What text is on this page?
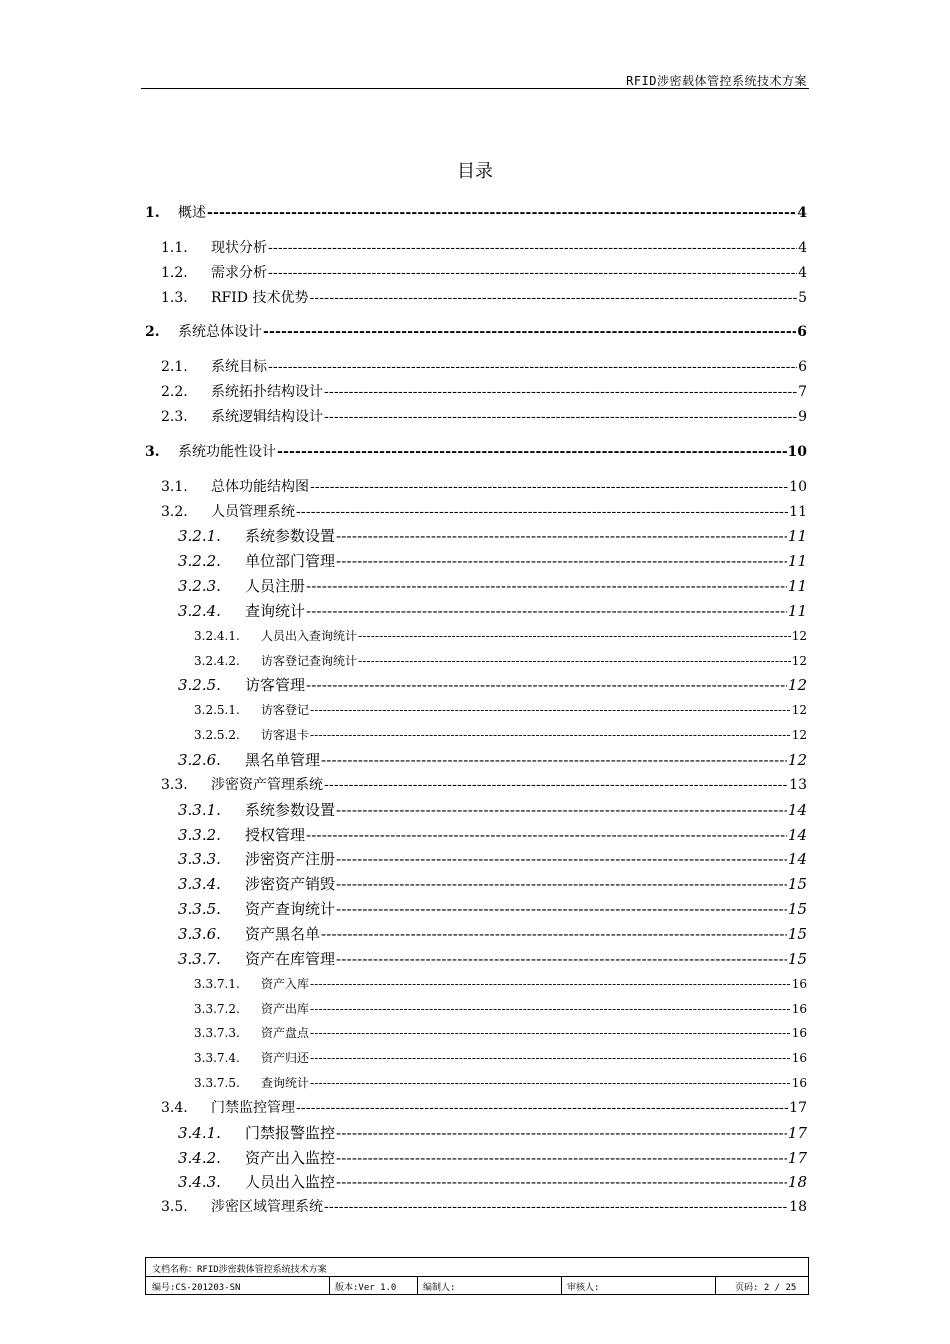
RFID涉密载体管控系统技术方案
目录
1.	概述 -----	4
1.1.	现状分析 -----	4
1.2.	需求分析 -----	4
1.3.	RFID 技术优势 -----	5
2.	系统总体设计 -----	6
2.1.	系统目标 -----	6
2.2.	系统拓扑结构设计 -----	7
2.3.	系统逻辑结构设计 -----	9
3.	系统功能性设计 -----	10
3.1.	总体功能结构图 -----	10
3.2.	人员管理系统 -----	11
3.2.1.	系统参数设置 -----	11
3.2.2.	单位部门管理 -----	11
3.2.3.	人员注册 -----	11
3.2.4.	查询统计 -----	11
3.2.4.1.	人员出入查询统计 -----	12
3.2.4.2.	访客登记查询统计 -----	12
3.2.5.	访客管理 -----	12
3.2.5.1.	访客登记 -----	12
3.2.5.2.	访客退卡 -----	12
3.2.6.	黑名单管理 -----	12
3.3.	涉密资产管理系统 -----	13
3.3.1.	系统参数设置 -----	14
3.3.2.	授权管理 -----	14
3.3.3.	涉密资产注册 -----	14
3.3.4.	涉密资产销毁 -----	15
3.3.5.	资产查询统计 -----	15
3.3.6.	资产黑名单 -----	15
3.3.7.	资产在库管理 -----	15
3.3.7.1.	资产入库 -----	16
3.3.7.2.	资产出库 -----	16
3.3.7.3.	资产盘点 -----	16
3.3.7.4.	资产归还 -----	16
3.3.7.5.	查询统计 -----	16
3.4.	门禁监控管理 -----	17
3.4.1.	门禁报警监控 -----	17
3.4.2.	资产出入监控 -----	17
3.4.3.	人员出入监控 -----	18
3.5.	涉密区域管理系统 -----	18
文档名称：RFID涉密载体管控系统技术方案
编号:CS-201203-SN	版本:Ver 1.0	编制人:	审核人:	页码: 2 / 25
